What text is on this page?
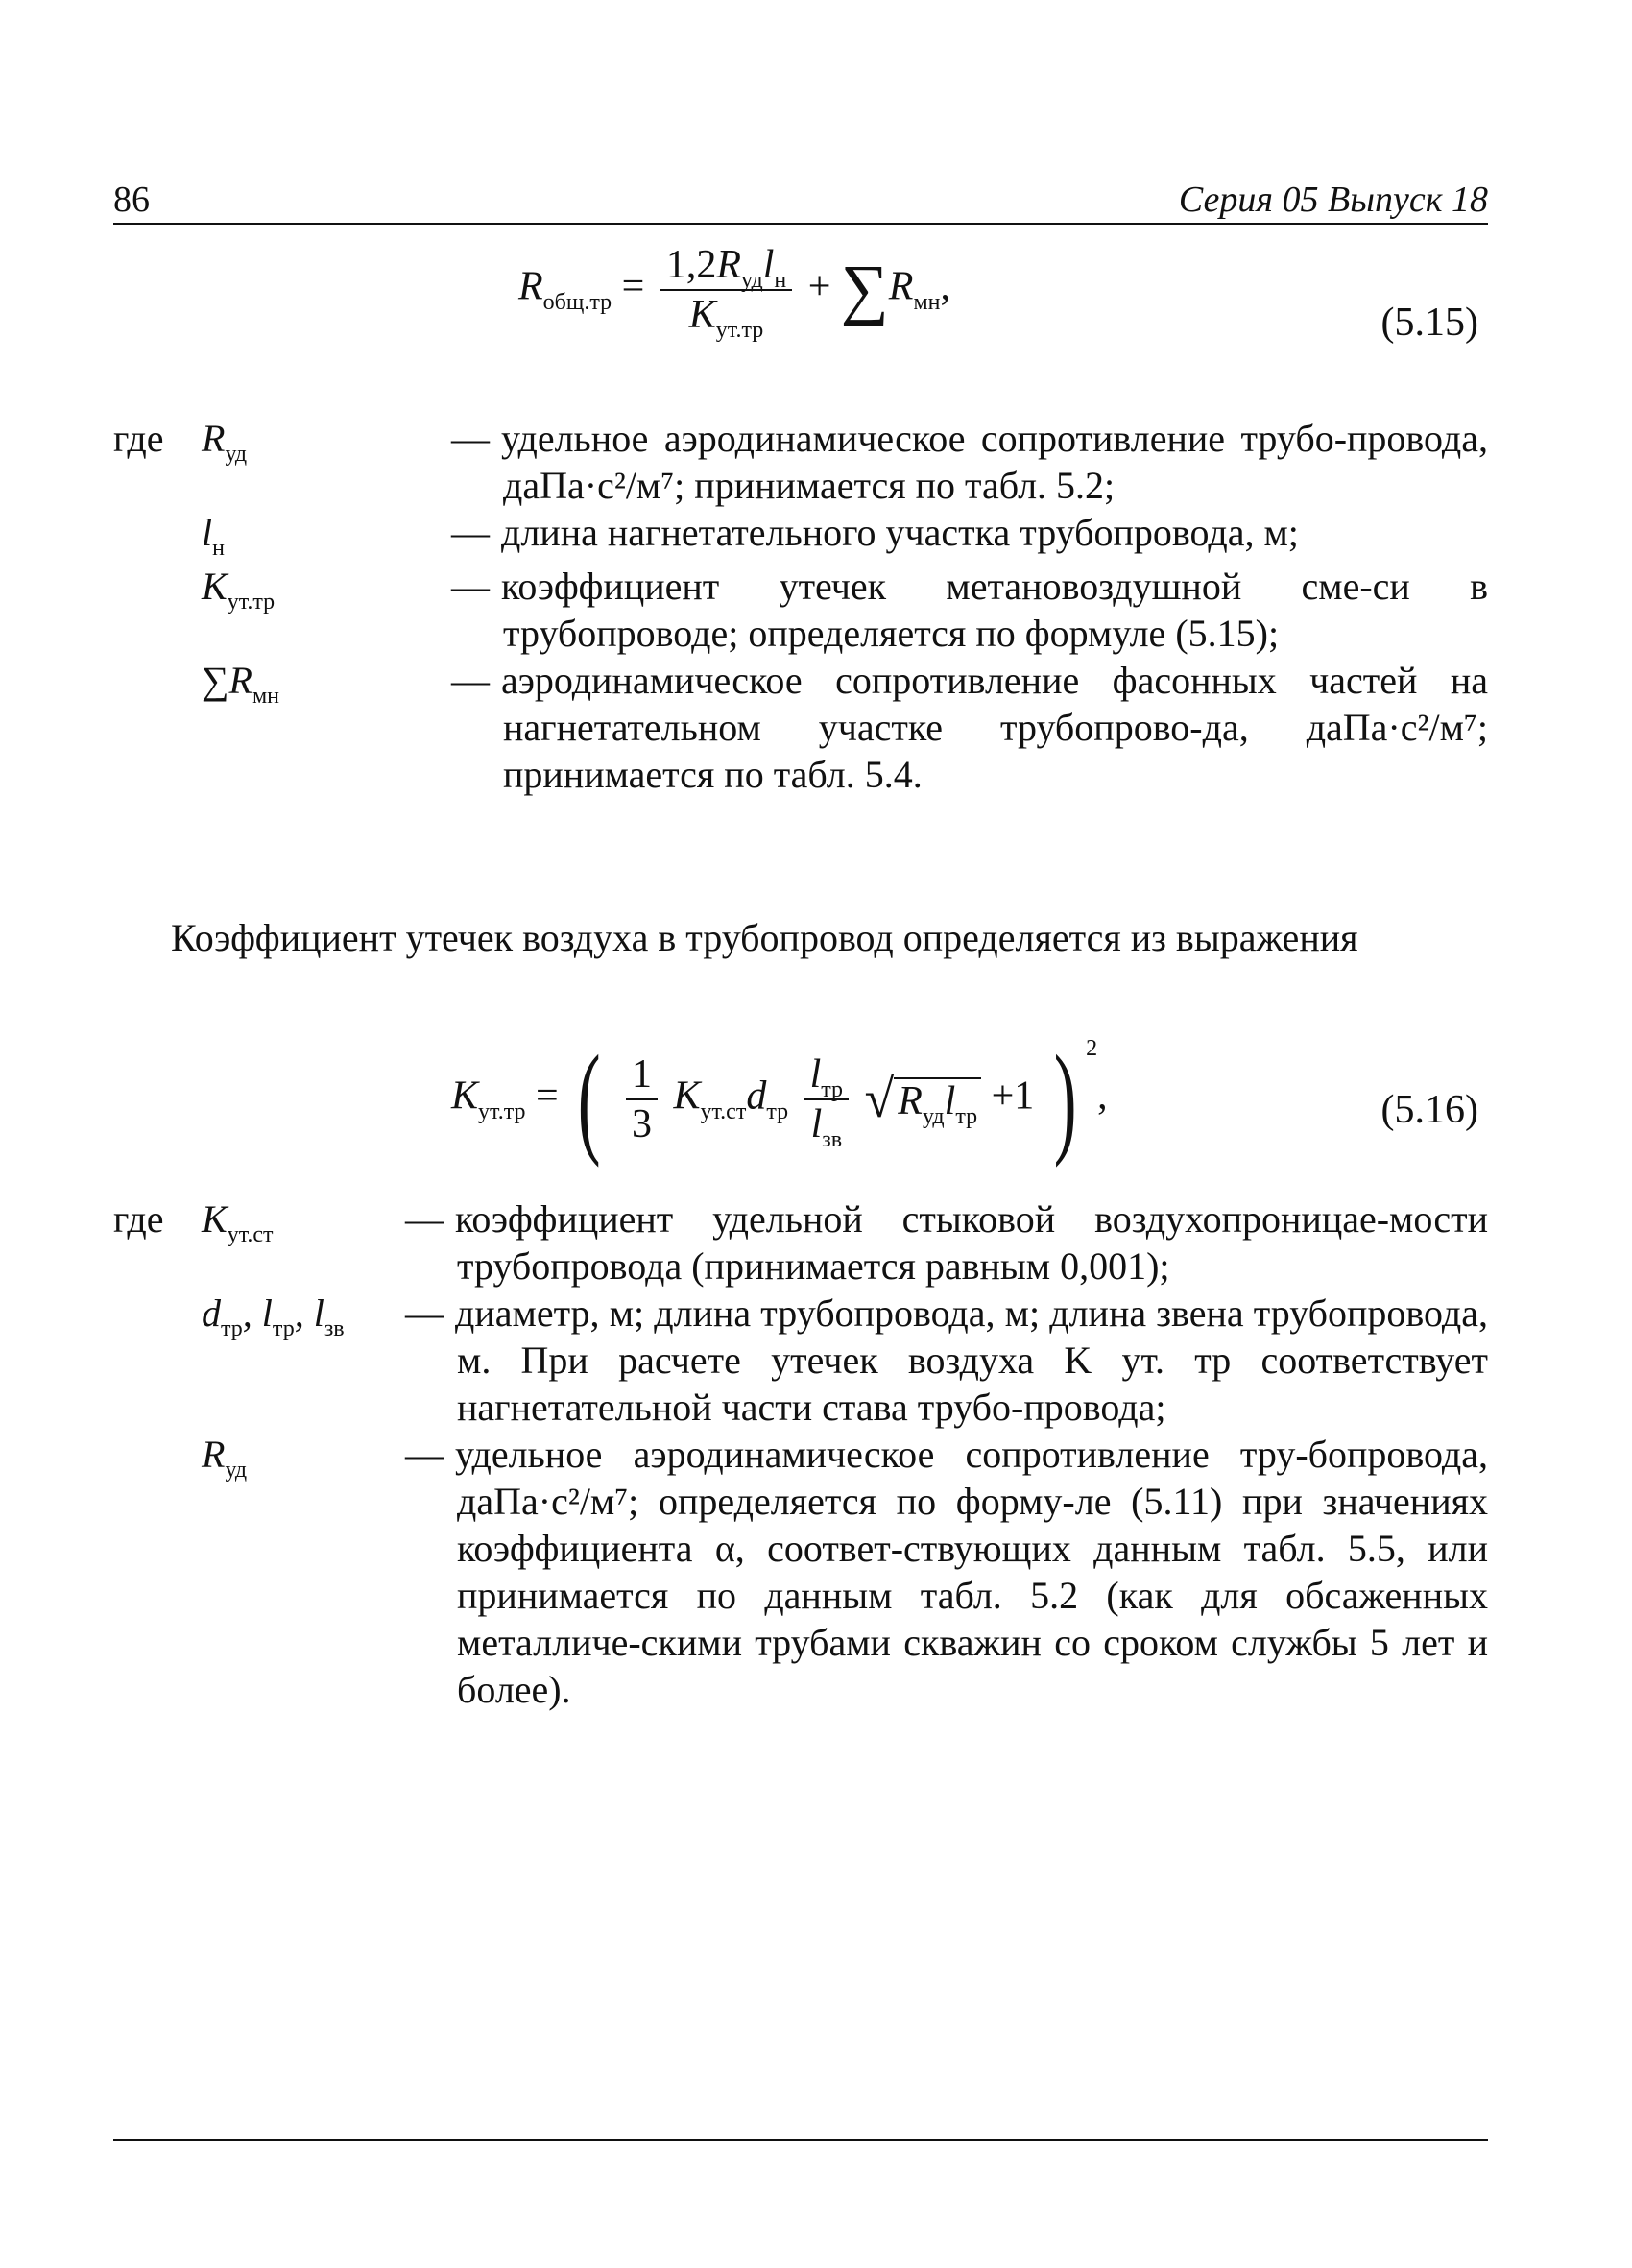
86	Серия 05 Выпуск 18
$R_{общ.тр} = \frac{1,2R_{уд}l_н}{K_{ут.тр}} + \sum R_{мн}$,
(5.15)
где $R_{уд}$	— удельное аэродинамическое сопротивление трубо-провода, даПа·с²/м⁷; принимается по табл. 5.2;
$l_н$	— длина нагнетательного участка трубопровода, м;
$K_{ут.тр}$	— коэффициент утечек метановоздушной сме-си в трубопроводе; определяется по формуле (5.15);
$\sum R_{мн}$	— аэродинамическое сопротивление фасонных частей на нагнетательном участке трубопрово-да, даПа·с²/м⁷; принимается по табл. 5.4.
Коэффициент утечек воздуха в трубопровод определяется из выражения
$K_{ут.тр}$ = ( $\frac{1}{3} K_{ут.ст}d_{тр} \frac{l_{тр}}{l_{зв}} √R_{уд}l_{тр} +1$ ) $^2$,	(5.16)
где $K_{ут.ст}$	— коэффициент удельной стыковой воздухопроницае-мости трубопровода (принимается равным 0,001);
$d_{тр}$, $l_{тр}$, $l_{зв}$	— диаметр, м; длина трубопровода, м; длина звена трубопровода, м. При расчете утечек воздуха K ут. тр соответствует нагнетательной части става трубо-провода;
$R_{уд}$	— удельное аэродинамическое сопротивление тру-бопровода, даПа·с²/м⁷; определяется по форму-ле (5.11) при значениях коэффициента α, соответ-ствующих данным табл. 5.5, или принимается по данным табл. 5.2 (как для обсаженных металличе-скими трубами скважин со сроком службы 5 лет и более).
